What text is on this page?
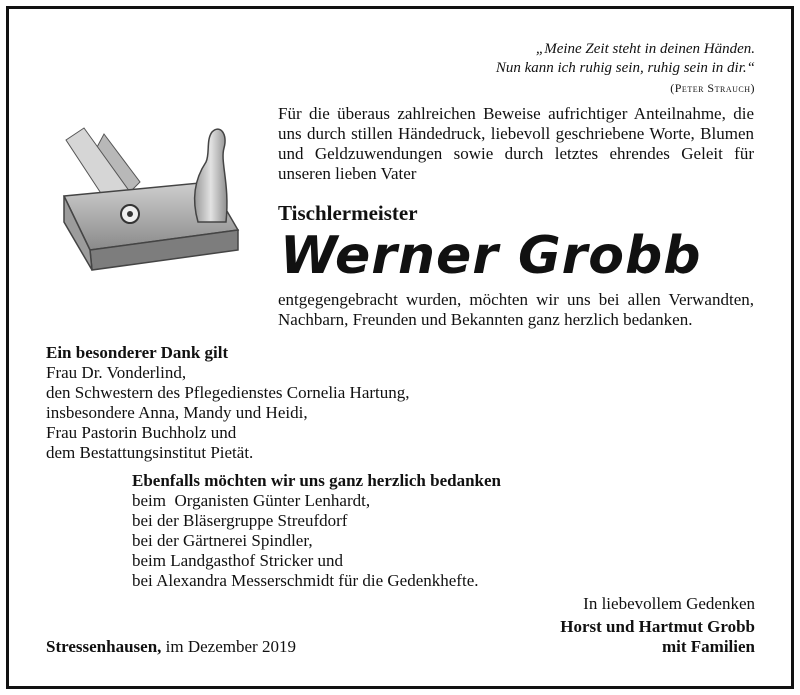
„Meine Zeit steht in deinen Händen.
Nun kann ich ruhig sein, ruhig sein in dir.“
(Peter Strauch)
Für die überaus zahlreichen Beweise aufrichtiger Anteilnahme, die uns durch stillen Händedruck, liebevoll geschriebene Worte, Blumen und Geldzuwendungen sowie durch letztes ehrendes Geleit für unseren lieben Vater
Tischlermeister
Werner Grobb
entgegengebracht wurden, möchten wir uns bei allen Verwandten, Nachbarn, Freunden und Bekannten ganz herzlich bedanken.
Ein besonderer Dank gilt
Frau Dr. Vonderlind,
den Schwestern des Pflegedienstes Cornelia Hartung,
insbesondere Anna, Mandy und Heidi,
Frau Pastorin Buchholz und
dem Bestattungsinstitut Pietät.
Ebenfalls möchten wir uns ganz herzlich bedanken
beim  Organisten Günter Lenhardt,
bei der Bläsergruppe Streufdorf
bei der Gärtnerei Spindler,
beim Landgasthof Stricker und
bei Alexandra Messerschmidt für die Gedenkhefte.
In liebevollem Gedenken
Horst und Hartmut Grobb
mit Familien
Stressenhausen, im Dezember 2019
